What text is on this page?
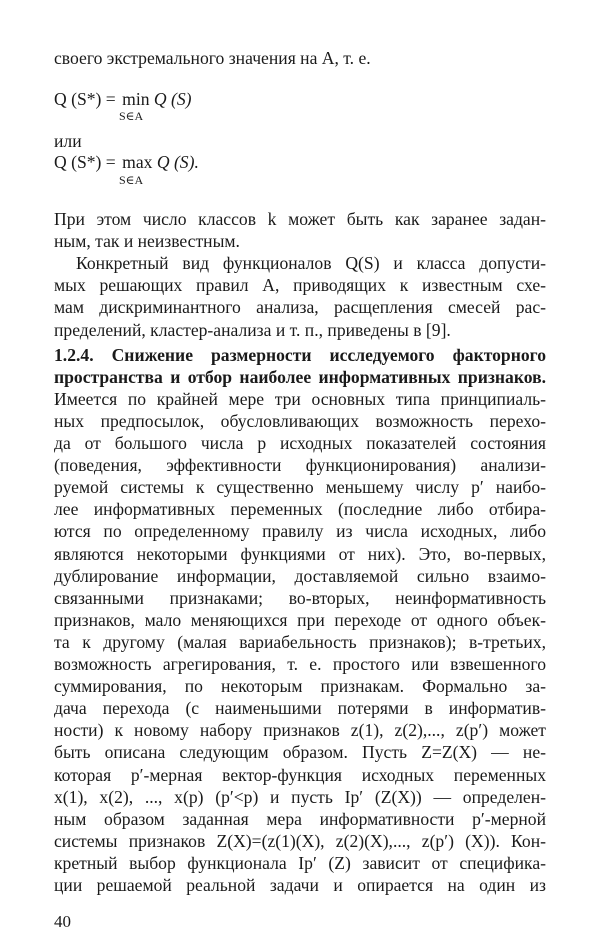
своего экстремального значения на A, т. е.
Q (S*) = min Q (S)
S∈A
или
Q (S*) = max Q (S).
S∈A
При этом число классов k может быть как заранее задан-
ным, так и неизвестным.
Конкретный вид функционалов Q(S) и класса допусти-
мых решающих правил A, приводящих к известным схе-
мам дискриминантного анализа, расщепления смесей рас-
пределений, кластер-анализа и т. п., приведены в [9].
1.2.4. Снижение размерности исследуемого факторного
пространства и отбор наиболее информативных признаков.
Имеется по крайней мере три основных типа принципиаль-
ных предпосылок, обусловливающих возможность перехо-
да от большого числа p исходных показателей состояния
(поведения, эффективности функционирования) анализи-
руемой системы к существенно меньшему числу p′ наибо-
лее информативных переменных (последние либо отбира-
ются по определенному правилу из числа исходных, либо
являются некоторыми функциями от них). Это, во-первых,
дублирование информации, доставляемой сильно взаимо-
связанными признаками; во-вторых, неинформативность
признаков, мало меняющихся при переходе от одного объек-
та к другому (малая вариабельность признаков); в-третьих,
возможность агрегирования, т. е. простого или взвешенного
суммирования, по некоторым признакам. Формально за-
дача перехода (с наименьшими потерями в информатив-
ности) к новому набору признаков z(1), z(2),..., z(p′) может
быть описана следующим образом. Пусть Z=Z(X) — не-
которая p′-мерная вектор-функция исходных переменных
x(1), x(2), ..., x(p) (p′<p) и пусть Ip′ (Z(X)) — определен-
ным образом заданная мера информативности p′-мерной
системы признаков Z(X)=(z(1)(X), z(2)(X),..., z(p′) (X)). Кон-
кретный выбор функционала Ip′ (Z) зависит от специфика-
ции решаемой реальной задачи и опирается на один из
40
